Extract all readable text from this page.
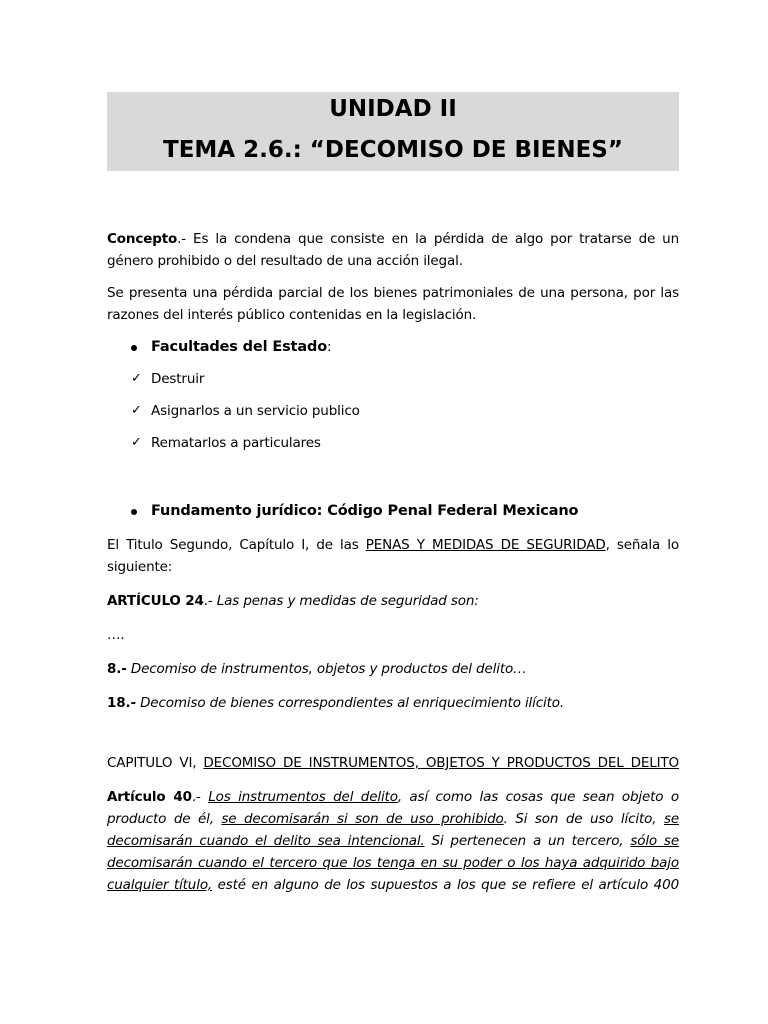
UNIDAD II
TEMA 2.6.: “DECOMISO DE BIENES”

Concepto.- Es la condena que consiste en la pérdida de algo por tratarse de un

género prohibido o del resultado de una acción ilegal.

Se presenta una pérdida parcial de los bienes patrimoniales de una persona, por las

razones del interés público contenidas en la legislación.

Facultades del Estado:

✓ Destruir

✓ Asignarlos a un servicio publico

✓ Rematarlos a particulares

Fundamento jurídico: Código Penal Federal Mexicano

El Titulo Segundo, Capítulo I, de las PENAS Y MEDIDAS DE SEGURIDAD, señala lo

siguiente:

ARTÍCULO 24.- Las penas y medidas de seguridad son:

….

8.- Decomiso de instrumentos, objetos y productos del delito…

18.- Decomiso de bienes correspondientes al enriquecimiento ilícito.

CAPITULO VI, DECOMISO DE INSTRUMENTOS, OBJETOS Y PRODUCTOS DEL DELITO

Artículo 40.- Los instrumentos del delito, así como las cosas que sean objeto o

producto de él, se decomisarán si son de uso prohibido. Si son de uso lícito, se

decomisarán cuando el delito sea intencional. Si pertenecen a un tercero, sólo se

decomisarán cuando el tercero que los tenga en su poder o los haya adquirido bajo

cualquier título, esté en alguno de los supuestos a los que se refiere el artículo 400
